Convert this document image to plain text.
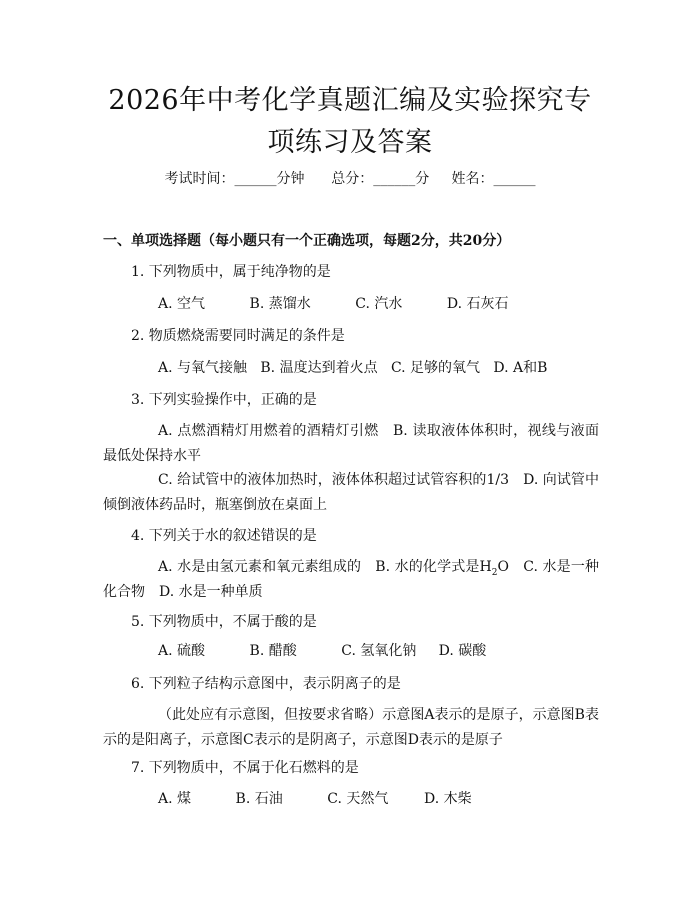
2026年中考化学真题汇编及实验探究专项练习及答案
考试时间：______分钟 总分：______分 姓名：______
一、单项选择题（每小题只有一个正确选项，每题2分，共20分）
1. 下列物质中，属于纯净物的是
A. 空气	B. 蒸馏水	C. 汽水	D. 石灰石
2. 物质燃烧需要同时满足的条件是
A. 与氧气接触 B. 温度达到着火点 C. 足够的氧气 D. A和B
3. 下列实验操作中，正确的是
A. 点燃酒精灯用燃着的酒精灯引燃　B. 读取液体体积时，视线与液面最低处保持水平
C. 给试管中的液体加热时，液体体积超过试管容积的1/3　D. 向试管中倾倒液体药品时，瓶塞倒放在桌面上
4. 下列关于水的叙述错误的是
A. 水是由氢元素和氧元素组成的　B. 水的化学式是$H_2O$　C. 水是一种化合物　D. 水是一种单质
5. 下列物质中，不属于酸的是
A. 硫酸	B. 醋酸	C. 氢氧化钠 D. 碳酸
6. 下列粒子结构示意图中，表示阴离子的是
（此处应有示意图，但按要求省略）示意图A表示的是原子，示意图B表示的是阳离子，示意图C表示的是阴离子，示意图D表示的是原子
7. 下列物质中，不属于化石燃料的是
A. 煤	B. 石油	C. 天然气	D. 木柴
